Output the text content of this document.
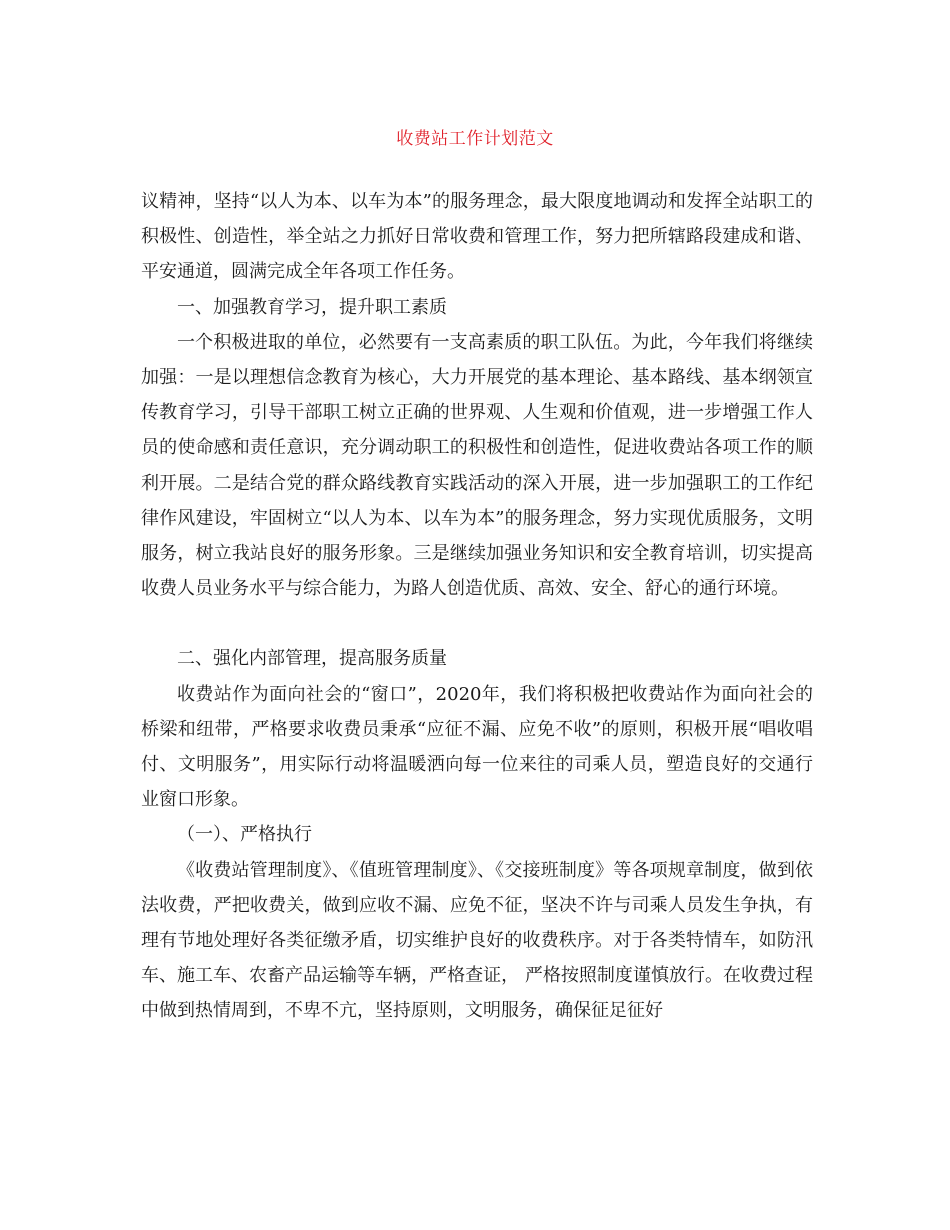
收费站工作计划范文

议精神，坚持“以人为本、以车为本”的服务理念，最大限度地调动和发挥全站职工的积极性、创造性，举全站之力抓好日常收费和管理工作，努力把所辖路段建成和谐、平安通道，圆满完成全年各项工作任务。

一、加强教育学习，提升职工素质

一个积极进取的单位，必然要有一支高素质的职工队伍。为此，今年我们将继续加强：一是以理想信念教育为核心，大力开展党的基本理论、基本路线、基本纲领宣传教育学习，引导干部职工树立正确的世界观、人生观和价值观，进一步增强工作人员的使命感和责任意识，充分调动职工的积极性和创造性，促进收费站各项工作的顺利开展。二是结合党的群众路线教育实践活动的深入开展，进一步加强职工的工作纪律作风建设，牢固树立“以人为本、以车为本”的服务理念，努力实现优质服务，文明服务，树立我站良好的服务形象。三是继续加强业务知识和安全教育培训，切实提高收费人员业务水平与综合能力，为路人创造优质、高效、安全、舒心的通行环境。

二、强化内部管理，提高服务质量

收费站作为面向社会的“窗口”，2020年，我们将积极把收费站作为面向社会的桥梁和纽带，严格要求收费员秉承“应征不漏、应免不收”的原则，积极开展“唱收唱付、文明服务”，用实际行动将温暖洒向每一位来往的司乘人员，塑造良好的交通行业窗口形象。

（一）、严格执行

《收费站管理制度》、《值班管理制度》、《交接班制度》等各项规章制度，做到依法收费，严把收费关，做到应收不漏、应免不征，坚决不许与司乘人员发生争执，有理有节地处理好各类征缴矛盾，切实维护良好的收费秩序。对于各类特情车，如防汛车、施工车、农畜产品运输等车辆，严格查证， 严格按照制度谨慎放行。在收费过程中做到热情周到，不卑不亢，坚持原则，文明服务，确保征足征好
